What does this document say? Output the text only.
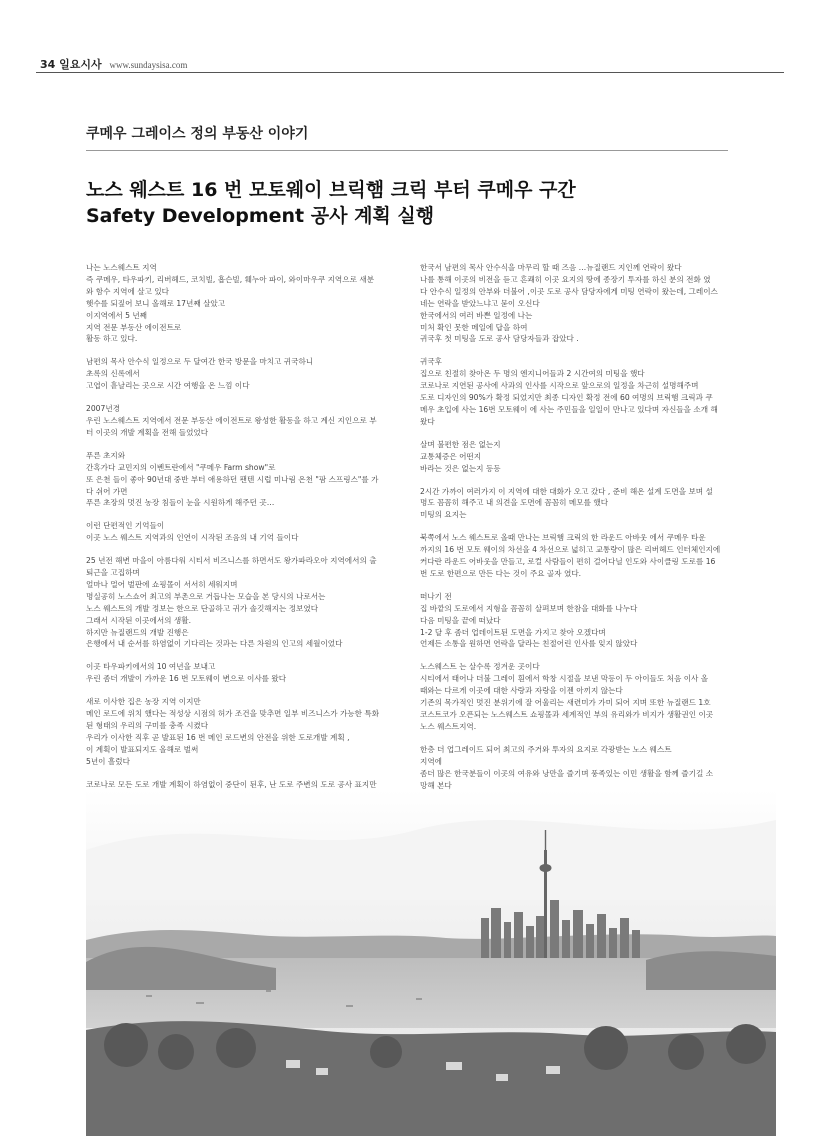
34 일요시사 www.sundaysisa.com
쿠메우 그레이스 정의 부동산 이야기
노스 웨스트 16 번 모토웨이 브릭햄 크릭 부터 쿠메우 구간
Safety Development 공사 계획 실행

나는 노스웨스트 지역
즉 쿠메우, 타우파키, 리버헤드, 코치빌, 흡슨빌, 훼누아 파이, 와이마우쿠 지역으로 새분
와 함수 지역에 살고 있다
햇수를 되짚어 보니 올해로 17년째 살았고
이지역에서 5 년째
지역 전문 부동산 에이전트로
활동 하고 있다.

남편의 목사 안수식 일정으로 두 달여간 한국 방문을 마치고 귀국하니
초록의 신록에서
고엽이 흩날리는 곳으로 시간 여행을 온 느낌 이다

2007년경
우린 노스웨스트 지역에서 전문 부동산 에이전트로 왕성한 활동을 하고 계신 지인으로 부
터 이곳의 개발 계획을 전해 들었었다

푸른 초지와
간혹가다 교민지의 이벤트란에서 "쿠메우 Farm show"로
또 은천 들이 좋아 90년대 중반 부터 애용하던 팬텐 시럽 미나림 온천 "팜 스프링스"를 가
다 쉬어 가면
푸른 초장의 멋진 농장 침들이 눈을 시원하게 해주던 곳…

이런 단편적인 기억들이
이곳 노스 웨스트 지역과의 인연이 시작된 조음의 내 기억 들이다

25 년전 해변 마을이 아름다워 시티서 비즈니스를 하면서도 왕가파라오아 지역에서의 출
퇴근을 고집하며
얼마나 멀어 벌판에 쇼핑몰이 서서히 세워지며
명실공히 노스쇼어 최고의 부촌으로 거듭나는 모습을 본 당시의 나로서는
노스 웨스트의 개발 정보는 한으로 단골하고 귀가 솔깃해지는 정보였다
그래서 시작된 이곳에서의 생활.
하지만 뉴질랜드의 개발 진행은
은행에서 내 순서를 하염없이 기다리는 것과는 다른 차원의 인고의 세월이었다

이곳 타우파키에서의 10 여년을 보내고
우린 좀더 개발이 가까운 16 번 모토웨이 변으로 이사를 왔다

새로 이사한 집은 농장 지역 이지만
메인 로드에 위치 했다는 적성상 시점의 허가 조건을 맞추면 일부 비즈니스가 가능한 특화
된 형태의 우리의 구미를 충족 시켰다
우리가 이사한 직후 곧 발표된 16 번 메인 로드변의 안전을 위한 도로개발 계획 ,
이 계획이 발표되지도 올해로 벌써
5년이 흘렀다

코로나로 모든 도로 개발 계획이 하염없이 중단이 된후, 난 도로 주변의 도로 공사 표지만

한국서 남편의 목사 안수식을 마무리 할 때 즈음 …뉴질랜드 지인께 연락이 왔다
나를 통해 이곳의 비전을 듣고 흔쾌히 이곳 요지의 땅에 종장기 투자를 하신 분의 전화 였
다 안수식 일정의 안부와 더불어 ,이곳 도로 공사 담당자에게 미팅 연락이 왔는데, 그레이스
네는 연락을 받았느냐고 묻이 오신다
한국에서의 여러 바쁜 일정에 나는
미처 확인 못한 메일에 답을 하여
귀국후 첫 미팅을 도로 공사 담당자들과 잡았다 .

귀국후
집으로 친절히 찾아온 두 명의 엔지니어들과 2 시간여의 미팅을 했다
코로나로 지연된 공사에 사과의 인사를 시작으로 앞으로의 일정을 차근히 설명해주며
도로 디자인의 90%가 확정 되었지만 최종 디자인 확정 전에 60 여명의 브릭햄 크릭과 쿠
메우 초입에 사는 16번 모토웨이 에 사는 주민들을 일일이 만나고 있다며 자신들을 소개 해
왔다

살며 불편한 점은 없는지
교통체증은 어떤지
바라는 것은 없는지 등등

2시간 가까이 여러가지 이 지역에 대한 대화가 오고 갔다 , 준비 해온 설계 도면을 보며 설
명도 꼼꼼히 해주고 내 의견을 도면에 꼼꼼히 메모를 했다
미팅의 요지는

북쪽에서 노스 웨스트로 올때 만나는 브릭햄 크릭의 한 라운드 아바웃 에서 쿠메우 타운
까지의 16 번 모토 웨이의 차선을 4 차선으로 넓히고 교통량이 많은 리버헤드 인터체인지에
커다란 라운드 어바웃을 만들고, 로컬 사람들이 편히 걸어다닐 인도와 사이클링 도로를 16
번 도로 한편으로 만든 다는 것이 주요 골자 였다.

떠나기 전
집 바깥의 도로에서 지형을 꼼꼼히 살펴보며 한참을 대화를 나누다
다음 미팅을 끝에 떠났다
1-2 달 후 좀더 업데이트된 도면을 가지고 찾아 오겠다며
언제든 소통을 원하면 연락을 달라는 친절어린 인사를 잊지 않았다

노스웨스트 는 살수록 정겨운 곳이다
시티에서 태어나 더불 그레이 흰에서 학창 시절을 보낸 막등이 두 아이들도 처음 이사 올
때와는 다르게 이곳에 대한 사랑과 자랑을 이젠 아끼지 않는다
기존의 목가적인 멋진 분위기에 잘 어울리는 새련미가 가미 되어 지며 또한 뉴질랜드 1호
코스트코가 오픈되는 노스웨스트 쇼핑몰과 세계적인 부의 유리와가 비지가 생활권인 이곳
노스 웨스트지역.

한층 더 업그레이드 되어 최고의 주거와 투자의 요지로 각광받는 노스 웨스트
지역에
좀더 많은 한국분들이 이곳의 여유와 낭만을 즐기며 풍족있는 이민 생활을 함께 즐기길 소
망해 본다
